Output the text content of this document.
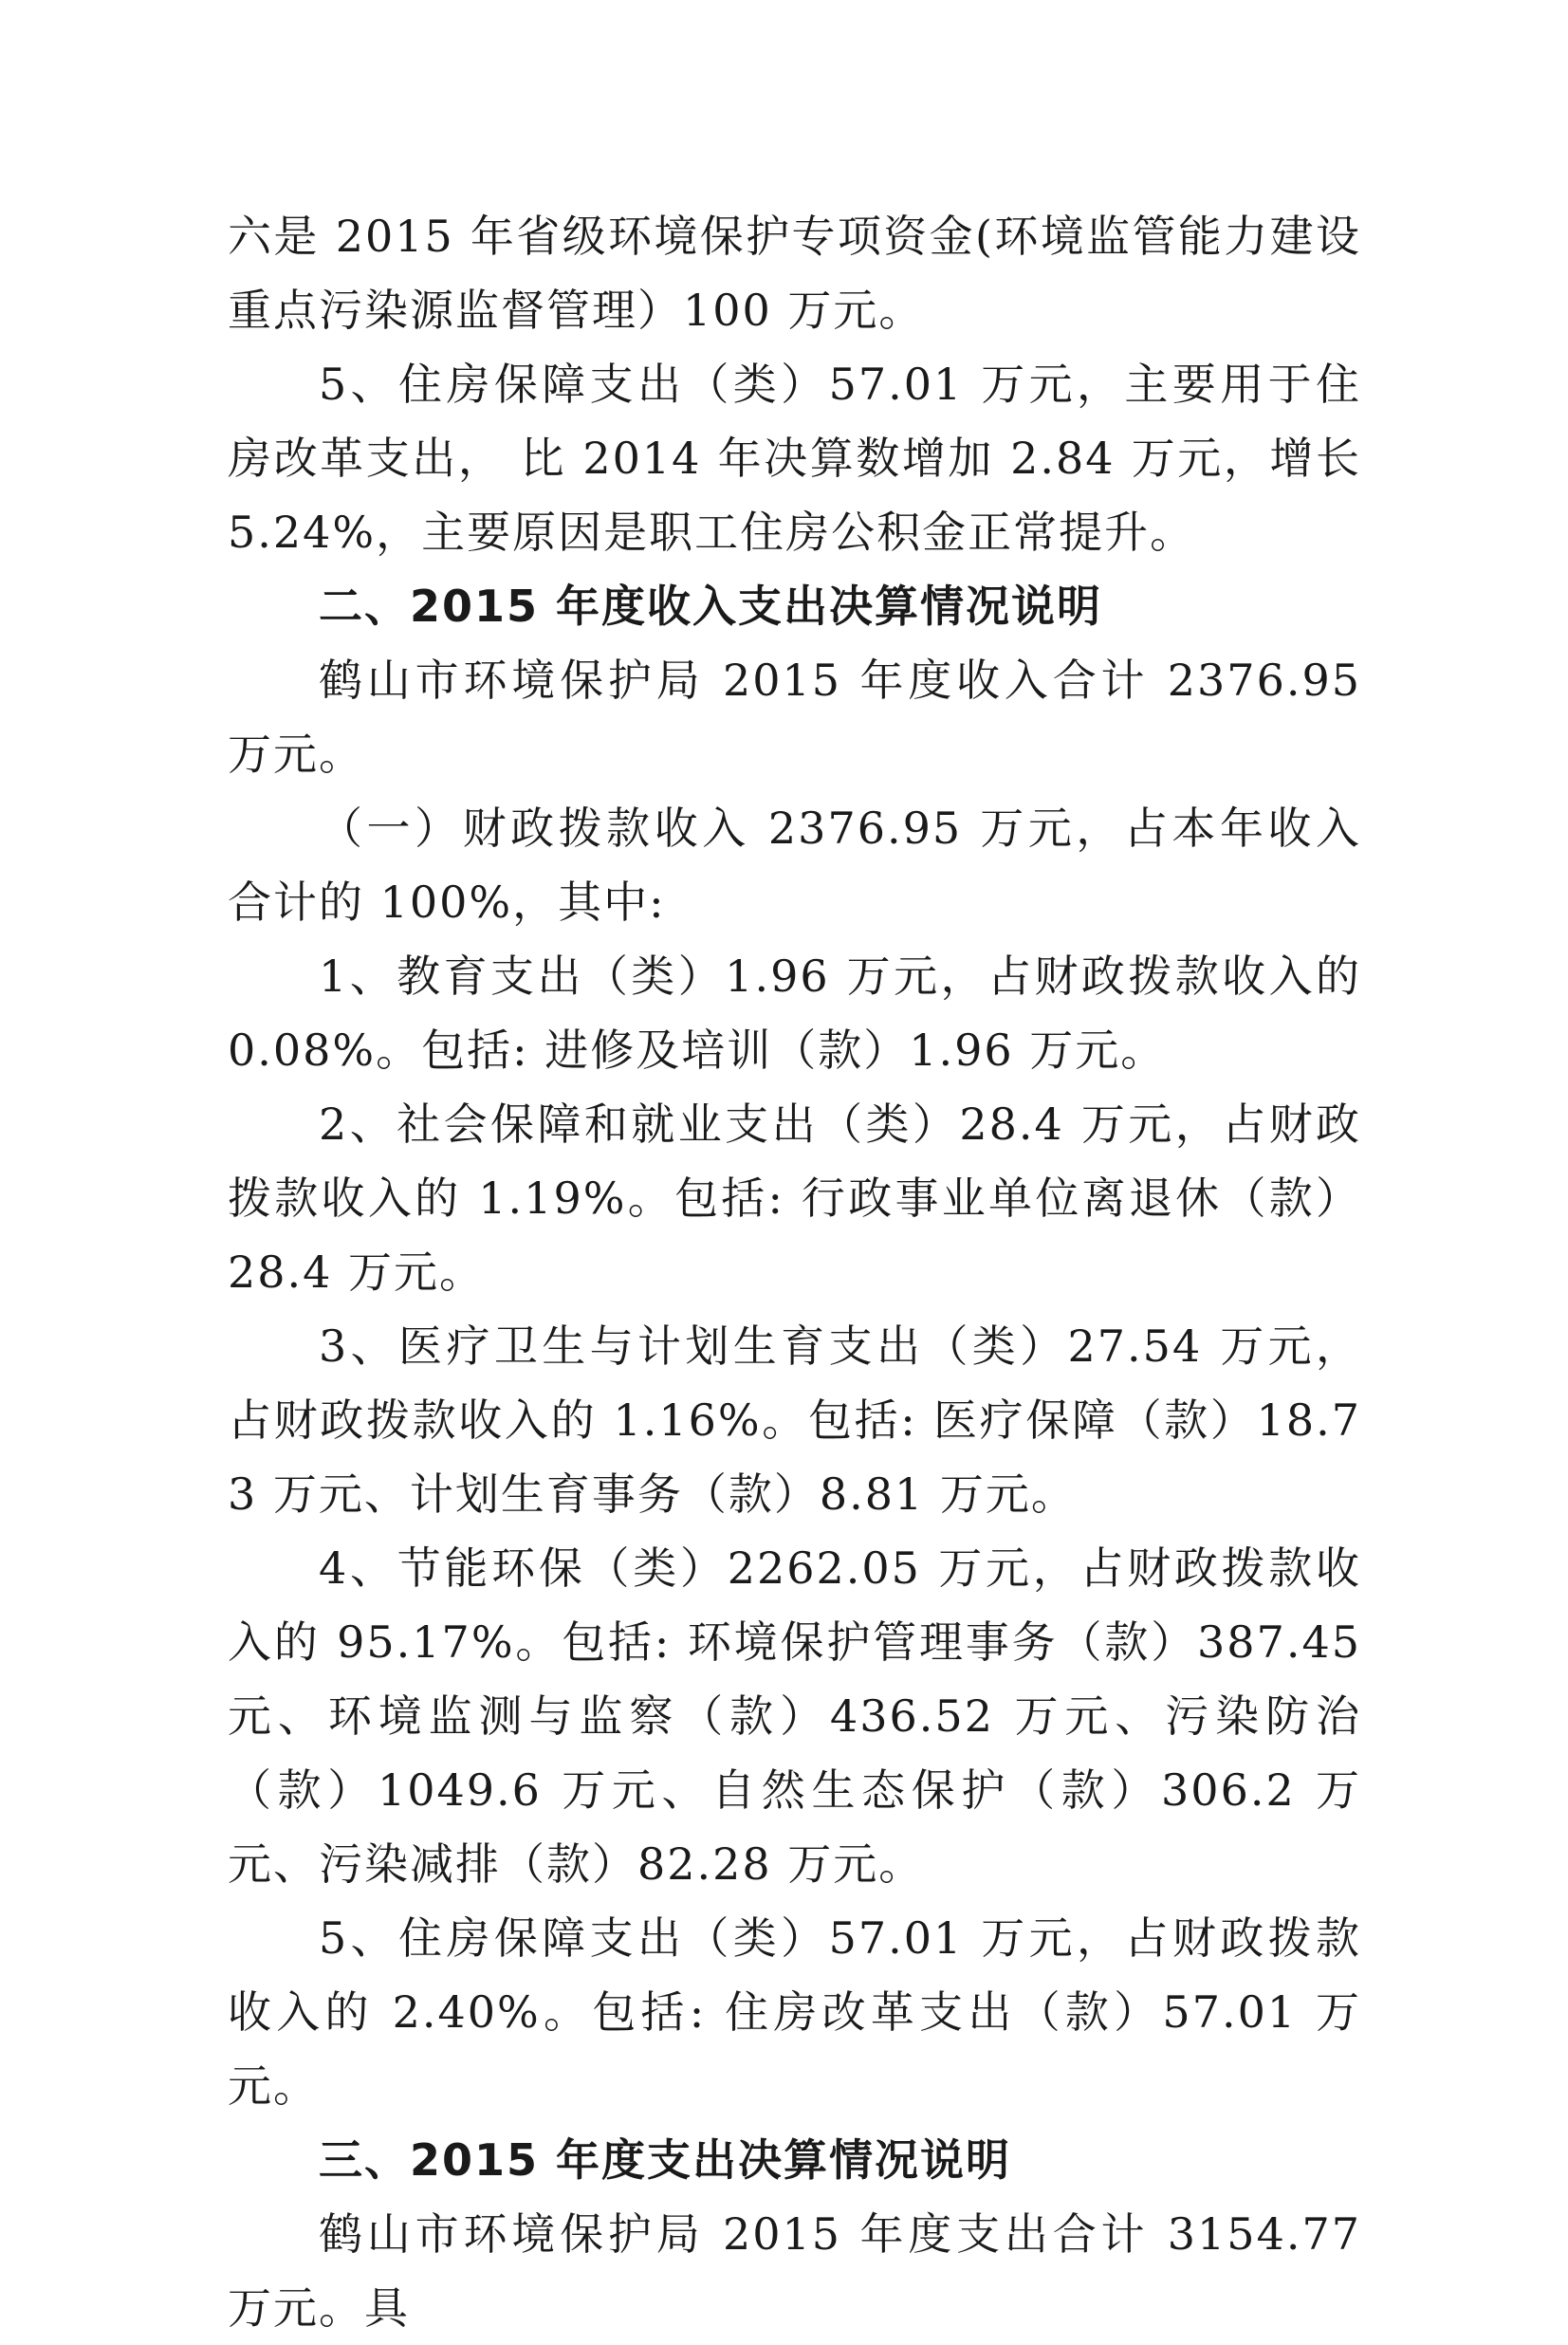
六是 2015 年省级环境保护专项资金(环境监管能力建设 重点污染源监督管理）100 万元。

5、住房保障支出（类）57.01 万元，主要用于住房改革支出， 比 2014 年决算数增加 2.84 万元，增长 5.24%，主要原因是职工住房公积金正常提升。

二、2015 年度收入支出决算情况说明

鹤山市环境保护局 2015 年度收入合计 2376.95 万元。

（一）财政拨款收入 2376.95 万元，占本年收入合计的 100%，其中:

1、教育支出（类）1.96 万元，占财政拨款收入的 0.08%。包括: 进修及培训（款）1.96 万元。

2、社会保障和就业支出（类）28.4 万元，占财政拨款收入的 1.19%。包括: 行政事业单位离退休（款）28.4 万元。

3、医疗卫生与计划生育支出（类）27.54 万元，占财政拨款收入的 1.16%。包括: 医疗保障（款）18.73 万元、计划生育事务（款）8.81 万元。

4、节能环保（类）2262.05 万元，占财政拨款收入的 95.17%。包括: 环境保护管理事务（款）387.45 元、环境监测与监察（款）436.52 万元、污染防治（款）1049.6 万元、自然生态保护（款）306.2 万元、污染减排（款）82.28 万元。

5、住房保障支出（类）57.01 万元，占财政拨款收入的 2.40%。包括: 住房改革支出（款）57.01 万元。

三、2015 年度支出决算情况说明

鹤山市环境保护局 2015 年度支出合计 3154.77 万元。具
